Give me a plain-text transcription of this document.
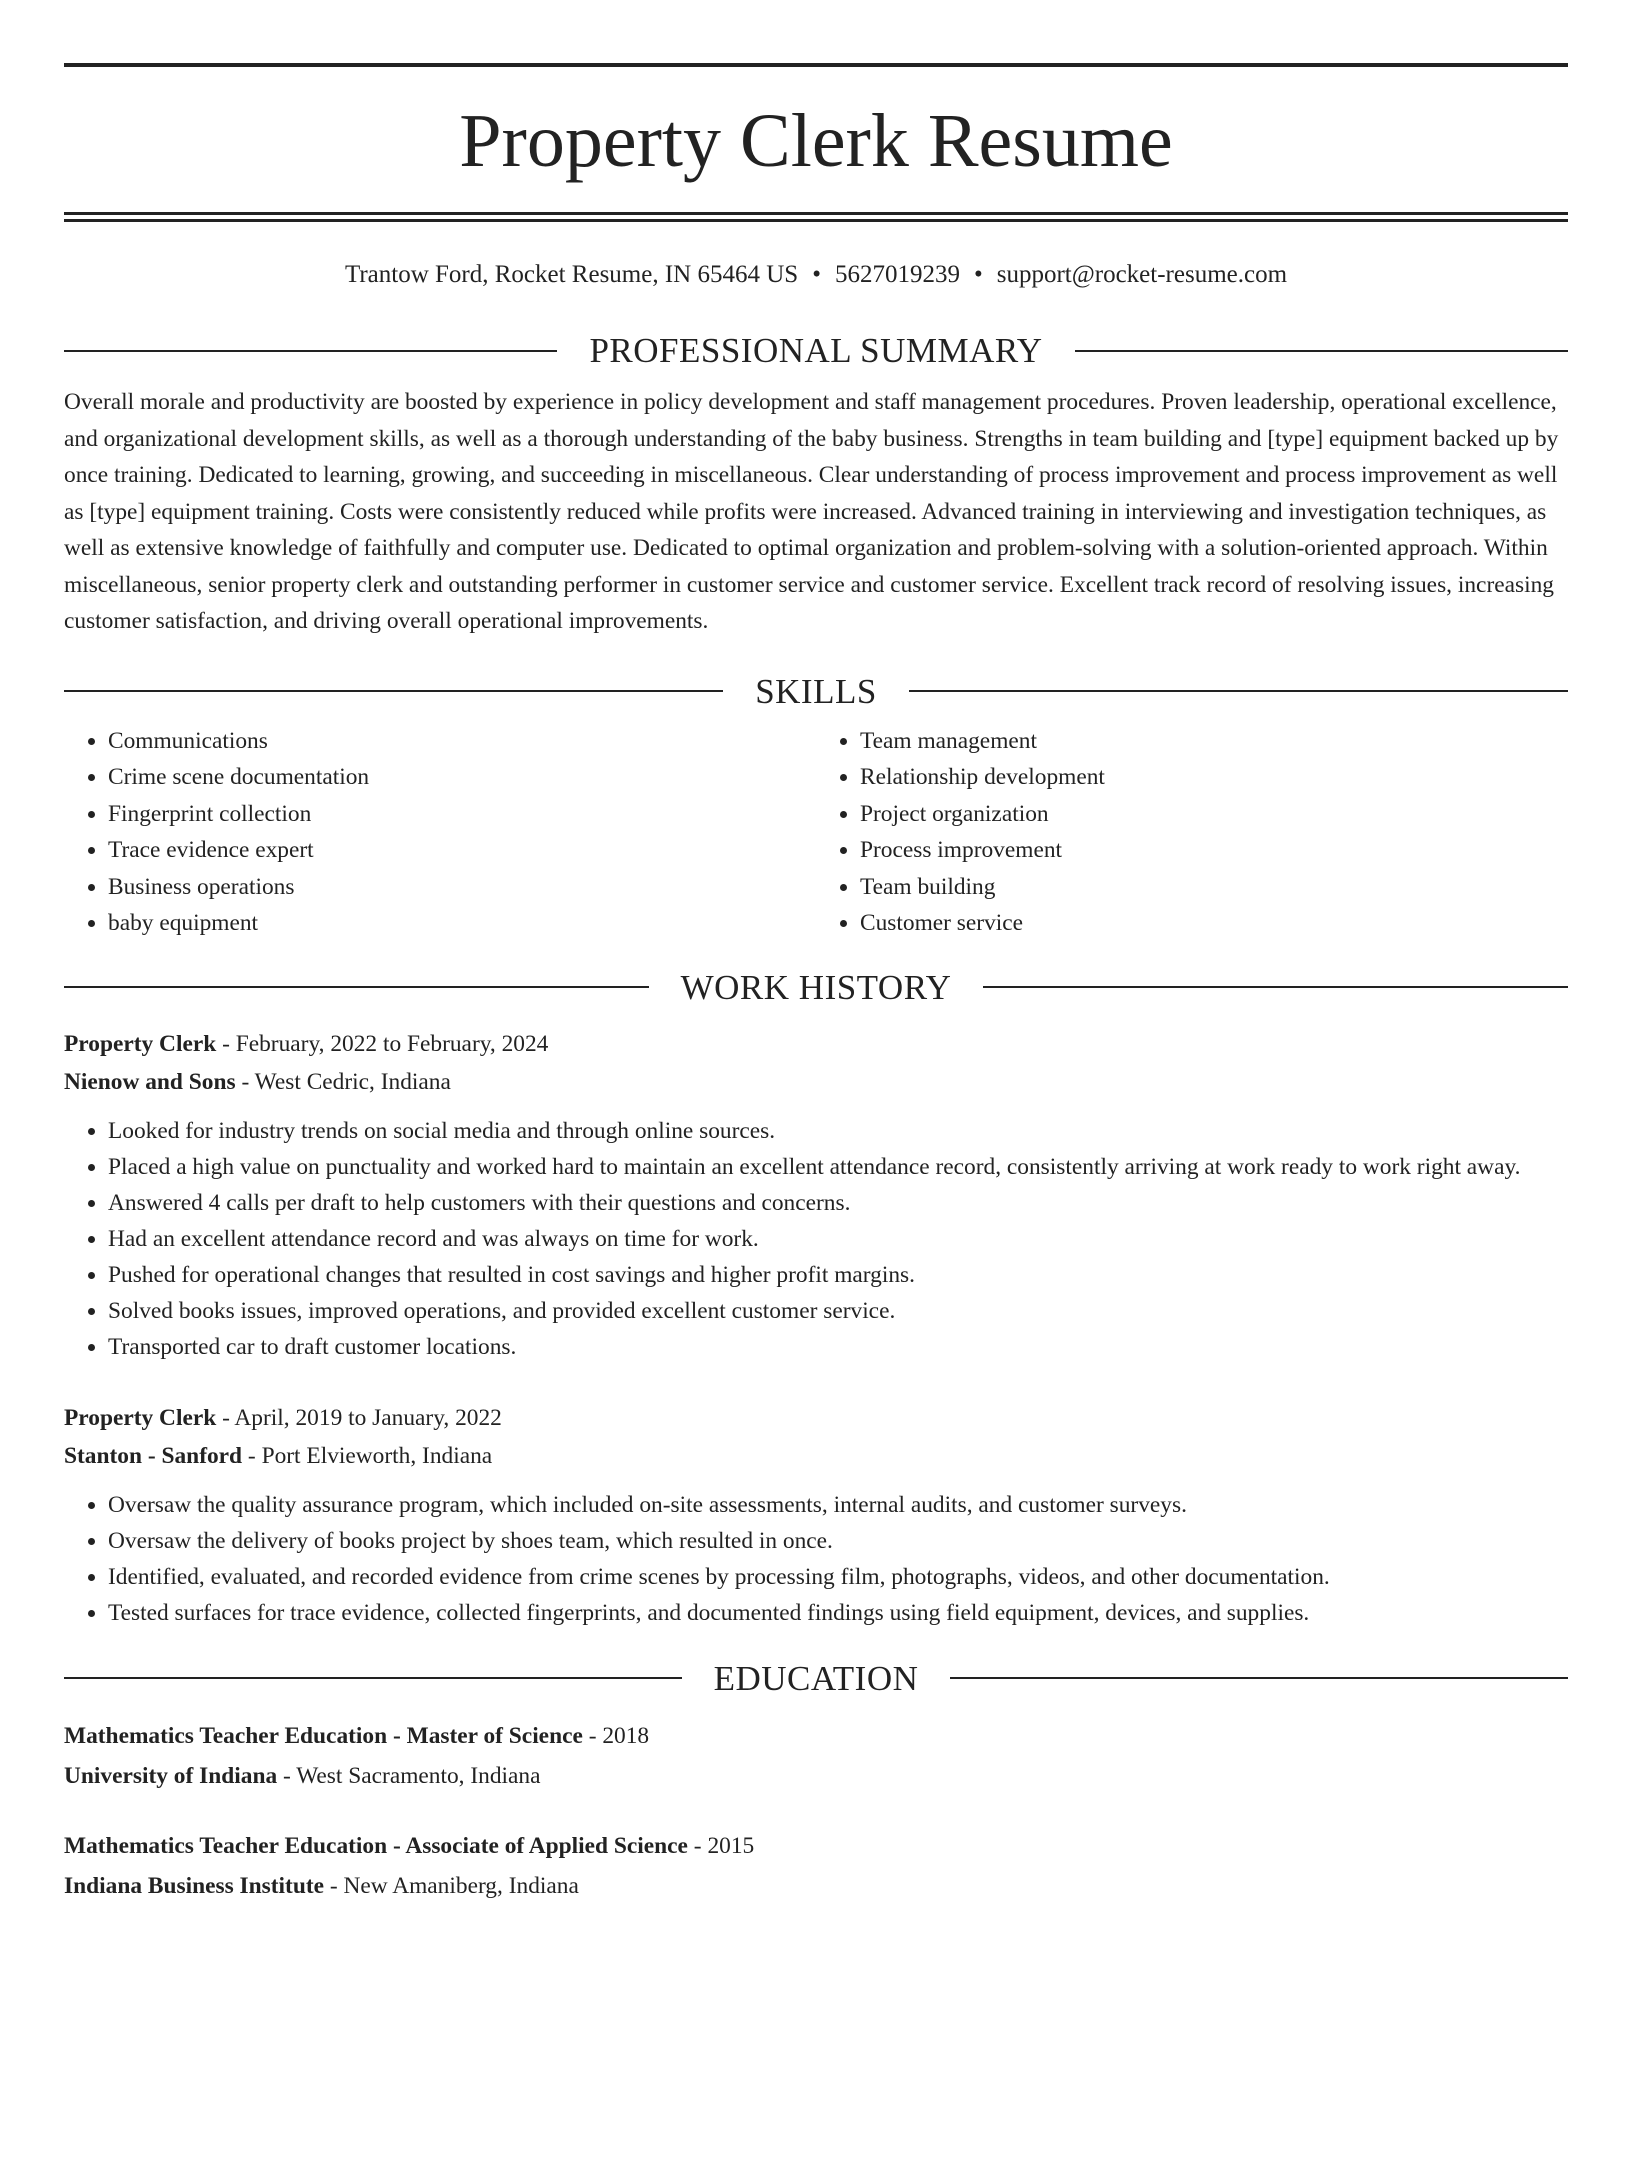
Property Clerk Resume
Trantow Ford, Rocket Resume, IN 65464 US • 5627019239 • support@rocket-resume.com
PROFESSIONAL SUMMARY

Overall morale and productivity are boosted by experience in policy development and staff management procedures. Proven leadership, operational excellence, and organizational development skills, as well as a thorough understanding of the baby business. Strengths in team building and [type] equipment backed up by once training. Dedicated to learning, growing, and succeeding in miscellaneous. Clear understanding of process improvement and process improvement as well as [type] equipment training. Costs were consistently reduced while profits were increased. Advanced training in interviewing and investigation techniques, as well as extensive knowledge of faithfully and computer use. Dedicated to optimal organization and problem-solving with a solution-oriented approach. Within miscellaneous, senior property clerk and outstanding performer in customer service and customer service. Excellent track record of resolving issues, increasing customer satisfaction, and driving overall operational improvements.

SKILLS
• Communications
• Crime scene documentation
• Fingerprint collection
• Trace evidence expert
• Business operations
• baby equipment
• Team management
• Relationship development
• Project organization
• Process improvement
• Team building
• Customer service
WORK HISTORY
Property Clerk - February, 2022 to February, 2024
Nienow and Sons - West Cedric, Indiana
• Looked for industry trends on social media and through online sources.
• Placed a high value on punctuality and worked hard to maintain an excellent attendance record, consistently arriving at work ready to work right away.
• Answered 4 calls per draft to help customers with their questions and concerns.
• Had an excellent attendance record and was always on time for work.
• Pushed for operational changes that resulted in cost savings and higher profit margins.
• Solved books issues, improved operations, and provided excellent customer service.
• Transported car to draft customer locations.
Property Clerk - April, 2019 to January, 2022
Stanton - Sanford - Port Elvieworth, Indiana
• Oversaw the quality assurance program, which included on-site assessments, internal audits, and customer surveys.
• Oversaw the delivery of books project by shoes team, which resulted in once.
• Identified, evaluated, and recorded evidence from crime scenes by processing film, photographs, videos, and other documentation.
• Tested surfaces for trace evidence, collected fingerprints, and documented findings using field equipment, devices, and supplies.
EDUCATION
Mathematics Teacher Education - Master of Science - 2018
University of Indiana - West Sacramento, Indiana
Mathematics Teacher Education - Associate of Applied Science - 2015
Indiana Business Institute - New Amaniberg, Indiana
